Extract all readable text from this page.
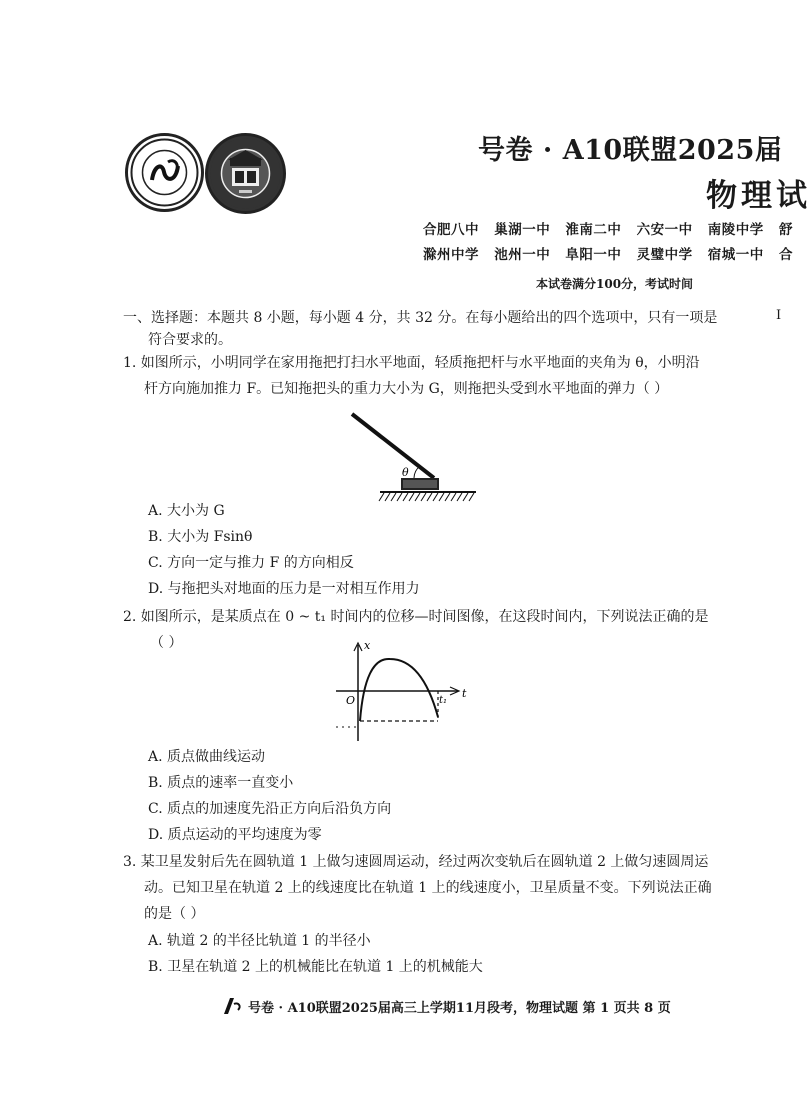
号卷 · A10联盟2025届
物理试
合肥八中 巢湖一中 淮南二中 六安一中 南陵中学 舒
滁州中学 池州一中 阜阳一中 灵璧中学 宿城一中 合
本试卷满分100分，考试时间
I
一、选择题：本题共 8 小题，每小题 4 分，共 32 分。在每小题给出的四个选项中，只有一项是
符合要求的。
1. 如图所示，小明同学在家用拖把打扫水平地面，轻质拖把杆与水平地面的夹角为 θ，小明沿
杆方向施加推力 F。已知拖把头的重力大小为 G，则拖把头受到水平地面的弹力（ ）
θ
A. 大小为 G
B. 大小为 Fsinθ
C. 方向一定与推力 F 的方向相反
D. 与拖把头对地面的压力是一对相互作用力
2. 如图所示，是某质点在 0 ~ t₁ 时间内的位移—时间图像，在这段时间内，下列说法正确的是
（ ）	x
t
O	t₁
A. 质点做曲线运动
B. 质点的速率一直变小
C. 质点的加速度先沿正方向后沿负方向
D. 质点运动的平均速度为零
3. 某卫星发射后先在圆轨道 1 上做匀速圆周运动，经过两次变轨后在圆轨道 2 上做匀速圆周运
动。已知卫星在轨道 2 上的线速度比在轨道 1 上的线速度小，卫星质量不变。下列说法正确
的是（ ）
A. 轨道 2 的半径比轨道 1 的半径小
B. 卫星在轨道 2 上的机械能比在轨道 1 上的机械能大
号卷 · A10联盟2025届高三上学期11月段考，物理试题 第 1 页共 8 页
